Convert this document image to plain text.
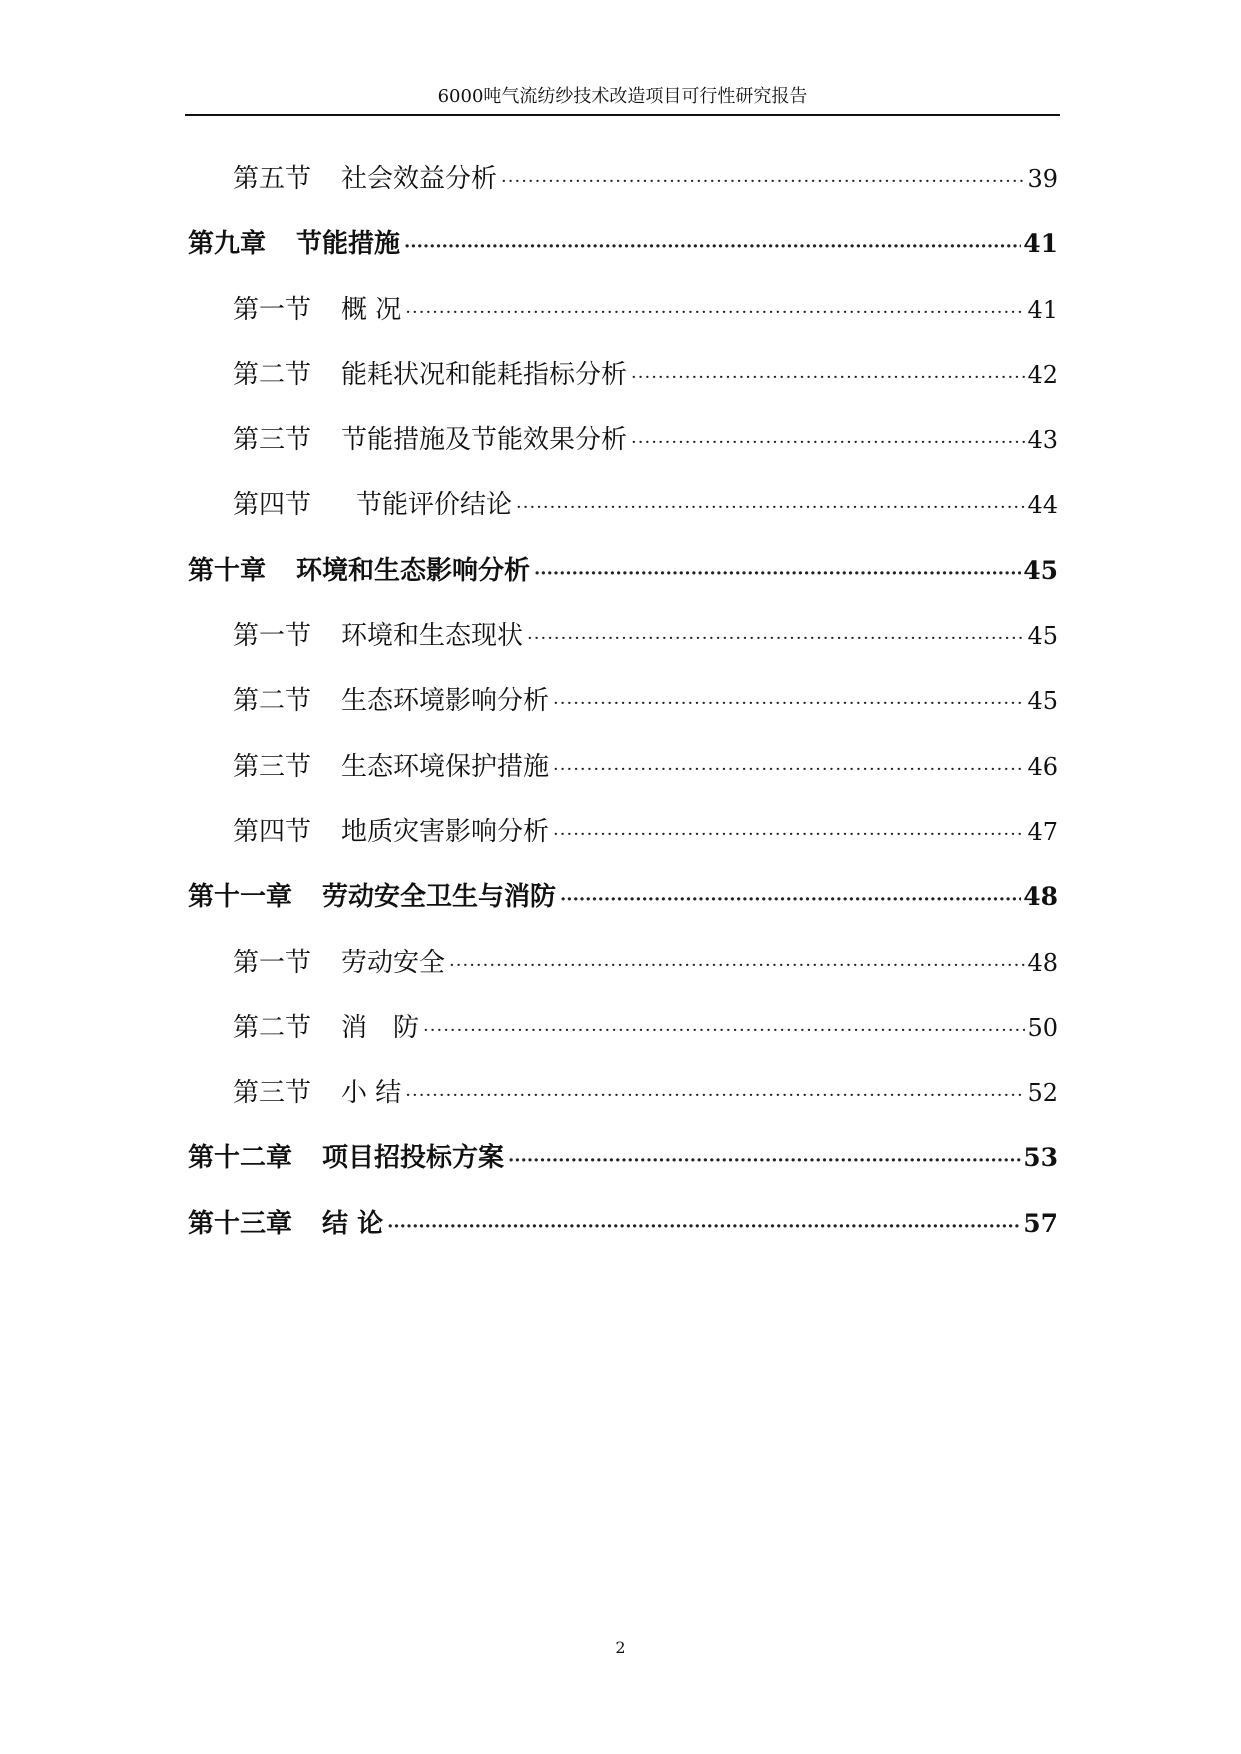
6000吨气流纺纱技术改造项目可行性研究报告
第五节 社会效益分析 ·····	39
第九章 节能措施 ·····	41
第一节 概 况 ·····	41
第二节 能耗状况和能耗指标分析 ·····	42
第三节 节能措施及节能效果分析 ·····	43
第四节 节能评价结论 ·····	44
第十章 环境和生态影响分析 ·····	45
第一节 环境和生态现状 ·····	45
第二节 生态环境影响分析 ·····	45
第三节 生态环境保护措施 ·····	46
第四节 地质灾害影响分析 ·····	47
第十一章 劳动安全卫生与消防 ·····	48
第一节 劳动安全 ·····	48
第二节 消　防 ·····	50
第三节 小 结 ·····	52
第十二章 项目招投标方案 ·····	53
第十三章 结 论 ·····	57
2
